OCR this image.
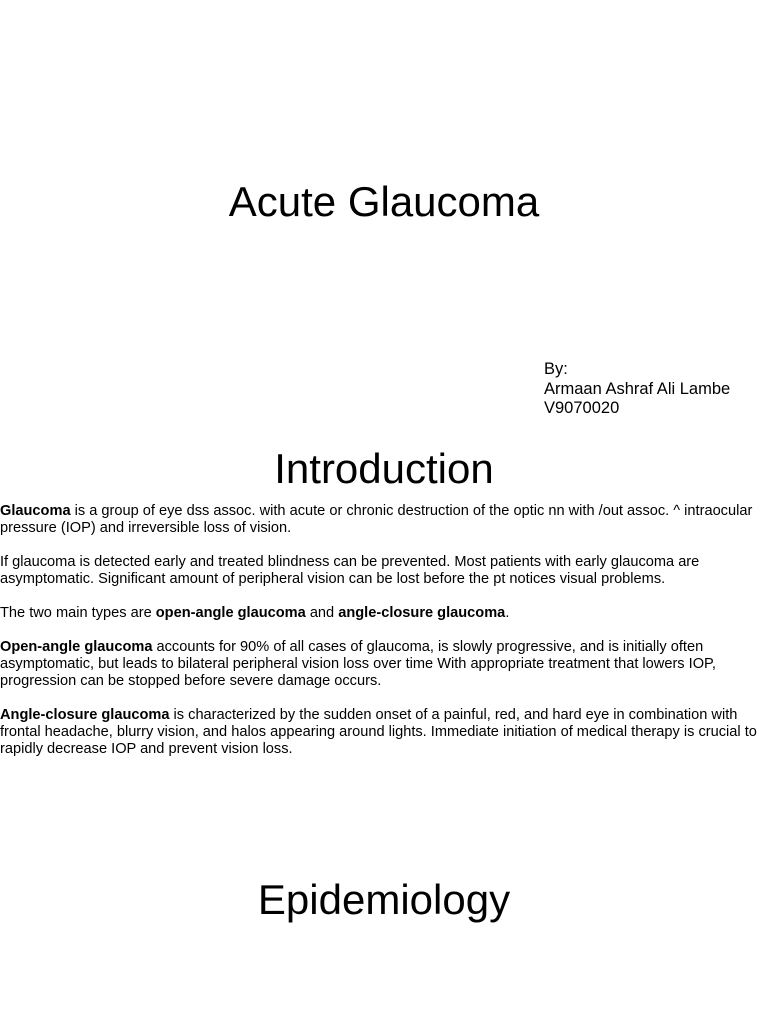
Acute Glaucoma
By:
Armaan Ashraf Ali Lambe
V9070020
Introduction

Glaucoma is a group of eye dss assoc. with acute or chronic destruction of the optic nn with /out assoc. ^ intraocular pressure (IOP) and irreversible loss of vision.

If glaucoma is detected early and treated blindness can be prevented. Most patients with early glaucoma are asymptomatic. Significant amount of peripheral vision can be lost before the pt notices visual problems.

The two main types are open-angle glaucoma and angle-closure glaucoma.

Open-angle glaucoma accounts for 90% of all cases of glaucoma, is slowly progressive, and is initially often asymptomatic, but leads to bilateral peripheral vision loss over time With appropriate treatment that lowers IOP, progression can be stopped before severe damage occurs.

Angle-closure glaucoma is characterized by the sudden onset of a painful, red, and hard eye in combination with frontal headache, blurry vision, and halos appearing around lights. Immediate initiation of medical therapy is crucial to rapidly decrease IOP and prevent vision loss.

Epidemiology
